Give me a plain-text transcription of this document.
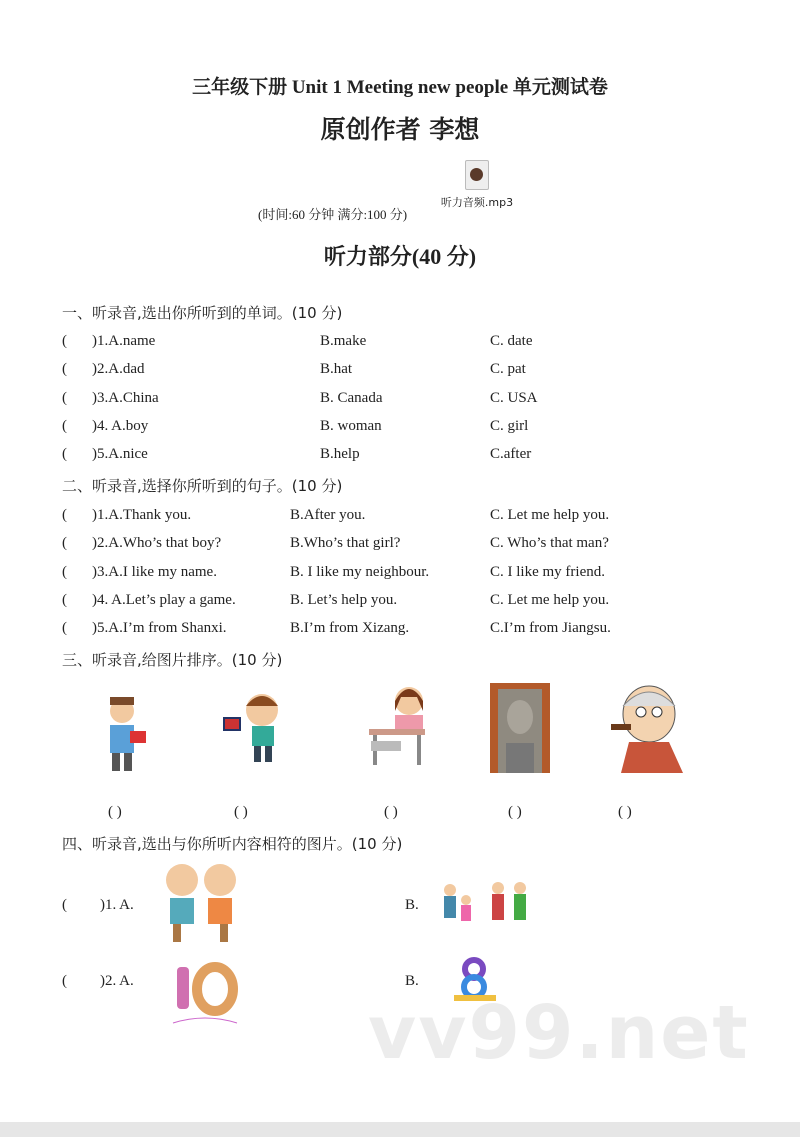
三年级下册 Unit 1 Meeting new people 单元测试卷
原创作者 李想
(时间:60 分钟 满分:100 分)
听力音频.mp3
听力部分(40 分)
一、听录音,选出你所听到的单词。(10 分)
( )1.A.name	B.make	C. date
( )2.A.dad	B.hat	C. pat
( )3.A.China	B. Canada	C. USA
( )4. A.boy	B. woman	C. girl
( )5.A.nice	B.help	C.after
二、听录音,选择你所听到的句子。(10 分)
( )1.A.Thank you.	B.After you.	C. Let me help you.
( )2.A.Who’s that boy?	B.Who’s that girl?	C. Who’s that man?
( )3.A.I like my name.	B. I like my neighbour.	C. I like my friend.
( )4. A.Let’s play a game.	B. Let’s help you.	C. Let me help you.
( )5.A.I’m from Shanxi.	B.I’m from Xizang.	C.I’m from Jiangsu.
三、听录音,给图片排序。(10 分)
( )	( )	( )	( )	( )
四、听录音,选出与你所听内容相符的图片。(10 分)
( )1. A.	B.
( )2. A.	B.
vv99.net
